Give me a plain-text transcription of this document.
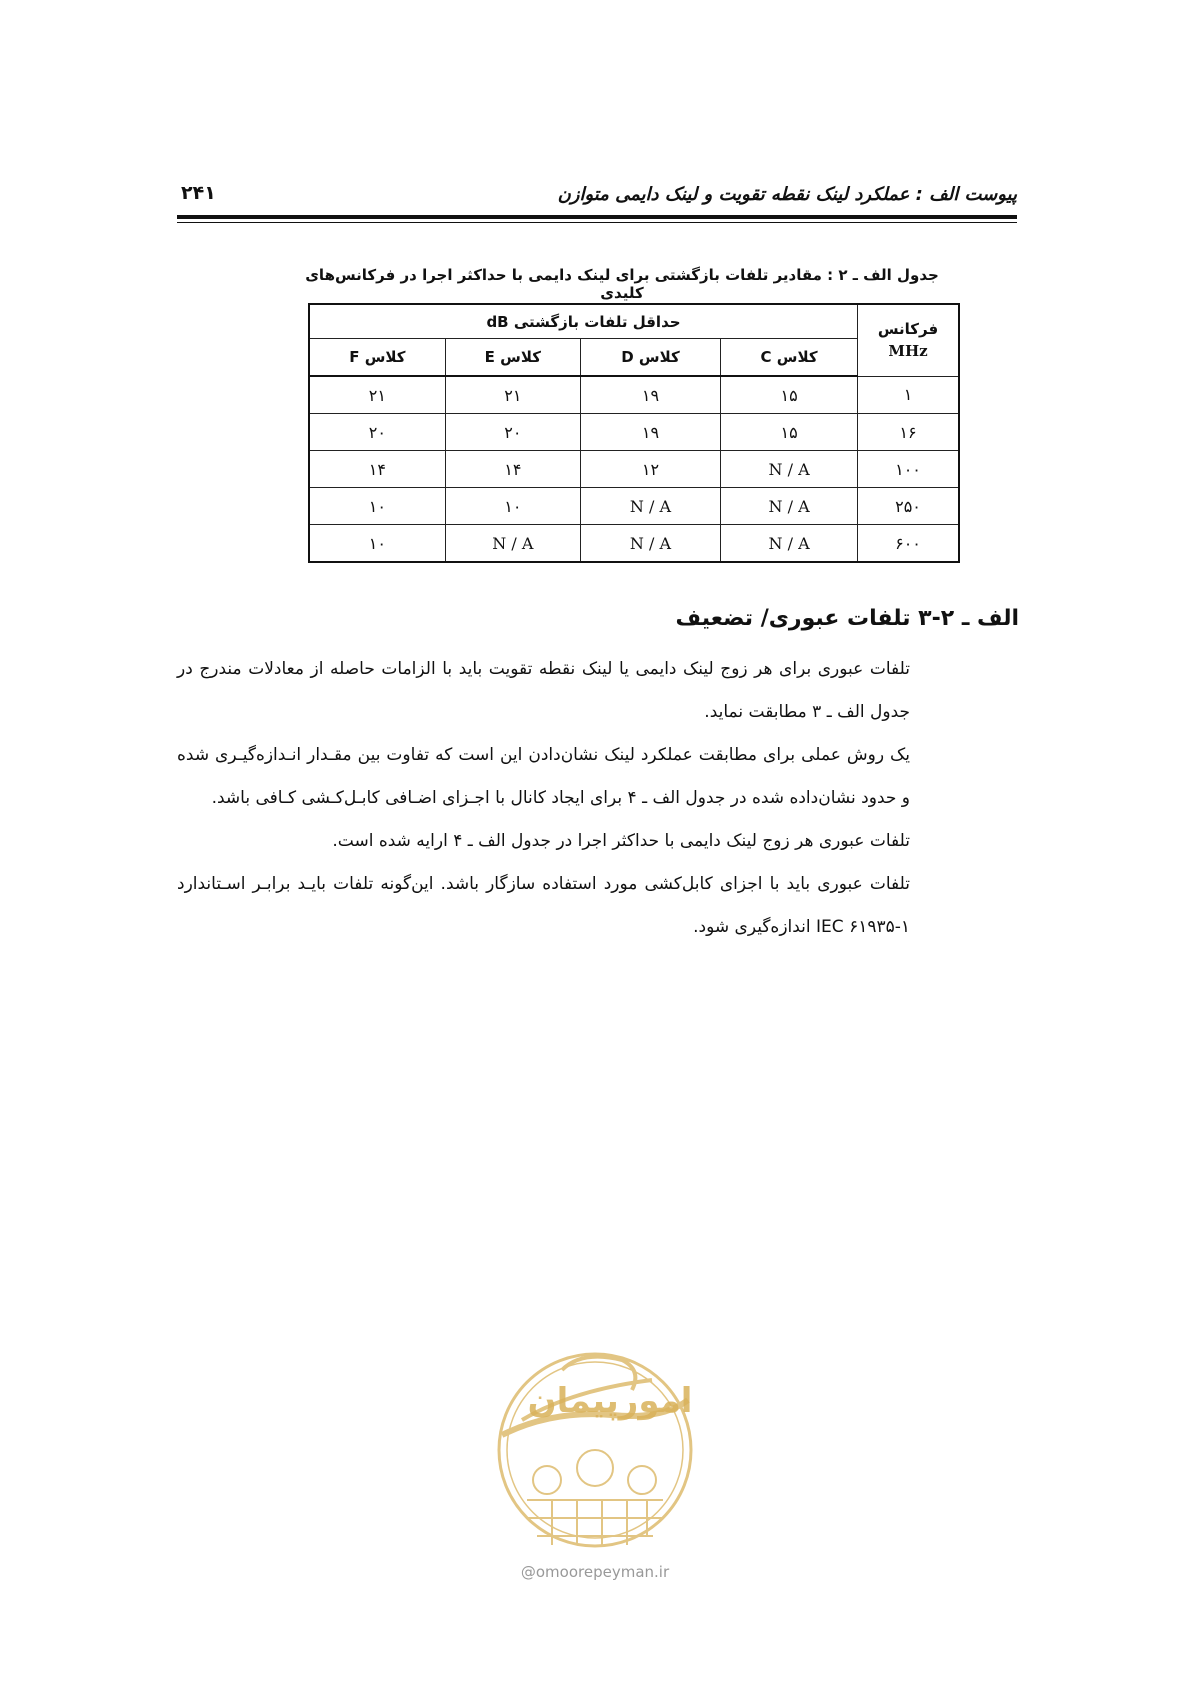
۲۴۱	پیوست الف : عملکرد لینک نقطه تقویت و لینک دایمی متوازن
جدول الف ـ ۲ : مقادیر تلفات بازگشتی برای لینک دایمی با حداکثر اجرا در فرکانس‌های کلیدی
فرکانس
MHz	حداقل تلفات بازگشتی dB			
	کلاس C	کلاس D	کلاس E	کلاس F
۱	۱۵	۱۹	۲۱	۲۱
۱۶	۱۵	۱۹	۲۰	۲۰
۱۰۰	N / A	۱۲	۱۴	۱۴
۲۵۰	N / A	N / A	۱۰	۱۰
۶۰۰	N / A	N / A	N / A	۱۰
الف ـ ۲-۳ تلفات عبوری/ تضعیف

تلفات عبوری برای هر زوج لینک دایمی یا لینک نقطه تقویت باید با الزامات حاصله از معادلات مندرج در جدول الف ـ ۳ مطابقت نماید.

یک روش عملی برای مطابقت عملکرد لینک نشان‌دادن این است که تفاوت بین مقـدار انـدازه‌گیـری شده و حدود نشان‌داده شده در جدول الف ـ ۴ برای ایجاد کانال با اجـزای اضـافی کابـل‌کـشی کـافی باشد.

تلفات عبوری هر زوج لینک دایمی با حداکثر اجرا در جدول الف ـ ۴ ارایه شده است.

تلفات عبوری باید با اجزای کابل‌کشی مورد استفاده سازگار باشد. این‌گونه تلفات بایـد برابـر اسـتاندارد IEC ۶۱۹۳۵-۱ اندازه‌گیری شود.

امورپیمان
@omoorepeyman.ir
